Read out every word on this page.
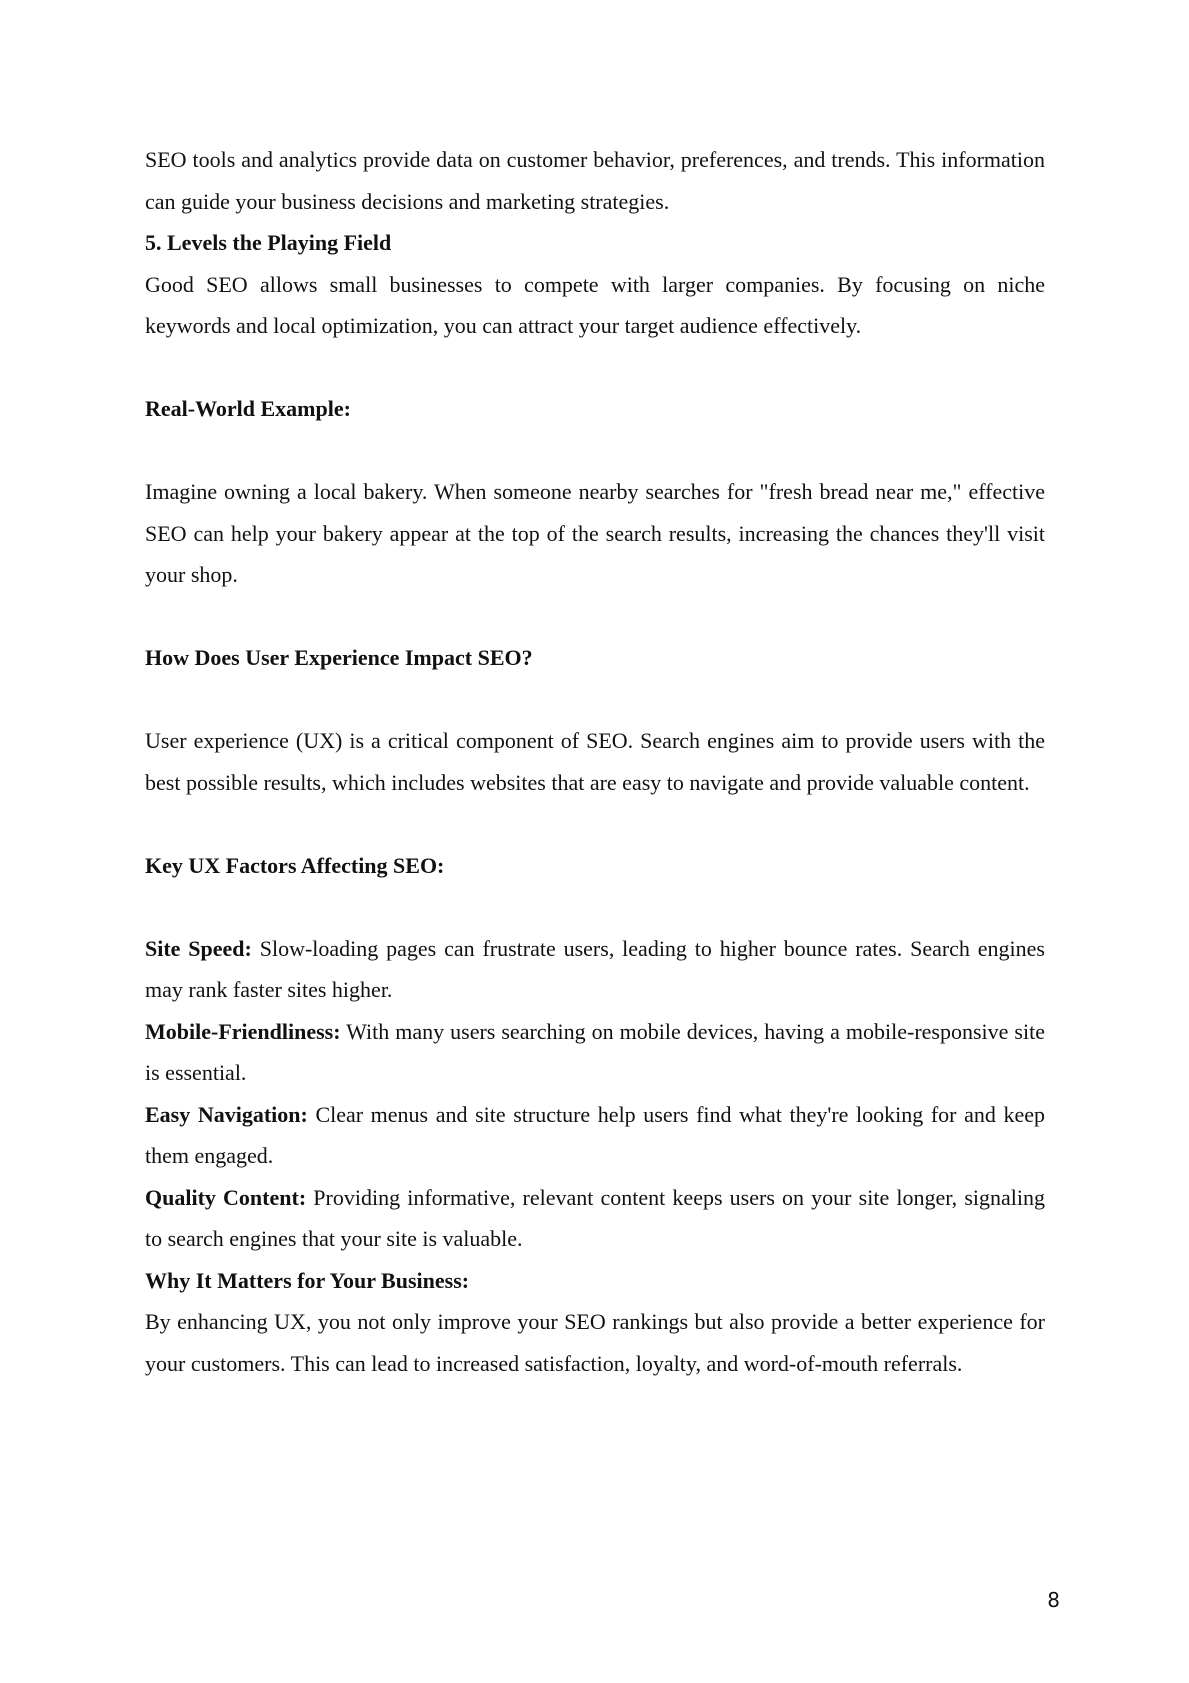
SEO tools and analytics provide data on customer behavior, preferences, and trends. This information can guide your business decisions and marketing strategies.

5. Levels the Playing Field

Good SEO allows small businesses to compete with larger companies. By focusing on niche keywords and local optimization, you can attract your target audience effectively.

Real-World Example:

Imagine owning a local bakery. When someone nearby searches for "fresh bread near me," effective SEO can help your bakery appear at the top of the search results, increasing the chances they'll visit your shop.

How Does User Experience Impact SEO?

User experience (UX) is a critical component of SEO. Search engines aim to provide users with the best possible results, which includes websites that are easy to navigate and provide valuable content.

Key UX Factors Affecting SEO:

Site Speed: Slow-loading pages can frustrate users, leading to higher bounce rates. Search engines may rank faster sites higher.

Mobile-Friendliness: With many users searching on mobile devices, having a mobile-responsive site is essential.

Easy Navigation: Clear menus and site structure help users find what they're looking for and keep them engaged.

Quality Content: Providing informative, relevant content keeps users on your site longer, signaling to search engines that your site is valuable.

Why It Matters for Your Business:

By enhancing UX, you not only improve your SEO rankings but also provide a better experience for your customers. This can lead to increased satisfaction, loyalty, and word-of-mouth referrals.

8
